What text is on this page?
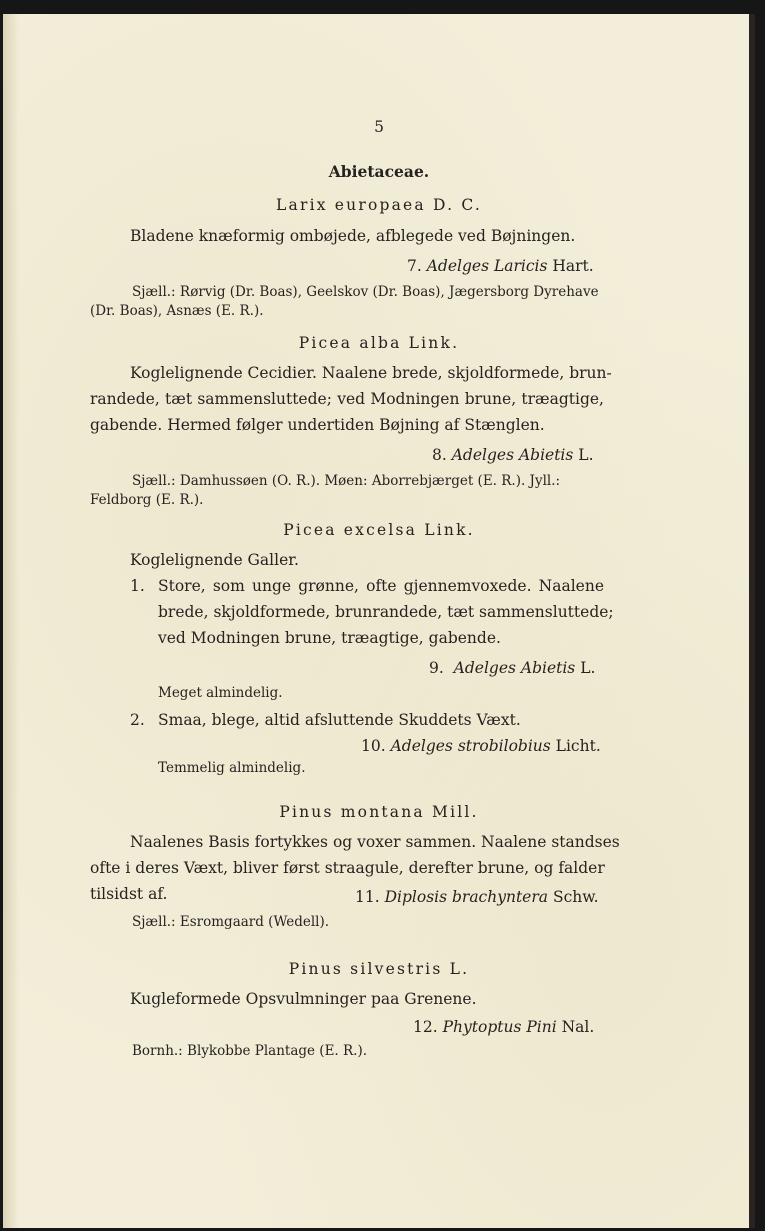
5
Abietaceae.
Larix europaea D. C.
Bladene knæformig ombøjede, afblegede ved Bøjningen.
7. Adelges Laricis Hart.
Sjæll.: Rørvig (Dr. Boas), Geelskov (Dr. Boas), Jægersborg Dyrehave
(Dr. Boas), Asnæs (E. R.).
Picea alba Link.
Koglelignende Cecidier. Naalene brede, skjoldformede, brun-
randede, tæt sammensluttede; ved Modningen brune, træagtige,
gabende. Hermed følger undertiden Bøjning af Stænglen.
8. Adelges Abietis L.
Sjæll.: Damhussøen (O. R.). Møen: Aborrebjærget (E. R.). Jyll.:
Feldborg (E. R.).
Picea excelsa Link.
Koglelignende Galler.
1. Store, som unge grønne, ofte gjennemvoxede. Naalene
brede, skjoldformede, brunrandede, tæt sammensluttede;
ved Modningen brune, træagtige, gabende.
9. Adelges Abietis L.
Meget almindelig.
2. Smaa, blege, altid afsluttende Skuddets Væxt.
10. Adelges strobilobius Licht.
Temmelig almindelig.
Pinus montana Mill.
Naalenes Basis fortykkes og voxer sammen. Naalene standses
ofte i deres Væxt, bliver først straagule, derefter brune, og falder
tilsidst af.	11. Diplosis brachyntera Schw.
Sjæll.: Esromgaard (Wedell).
Pinus silvestris L.
Kugleformede Opsvulmninger paa Grenene.
12. Phytoptus Pini Nal.
Bornh.: Blykobbe Plantage (E. R.).
